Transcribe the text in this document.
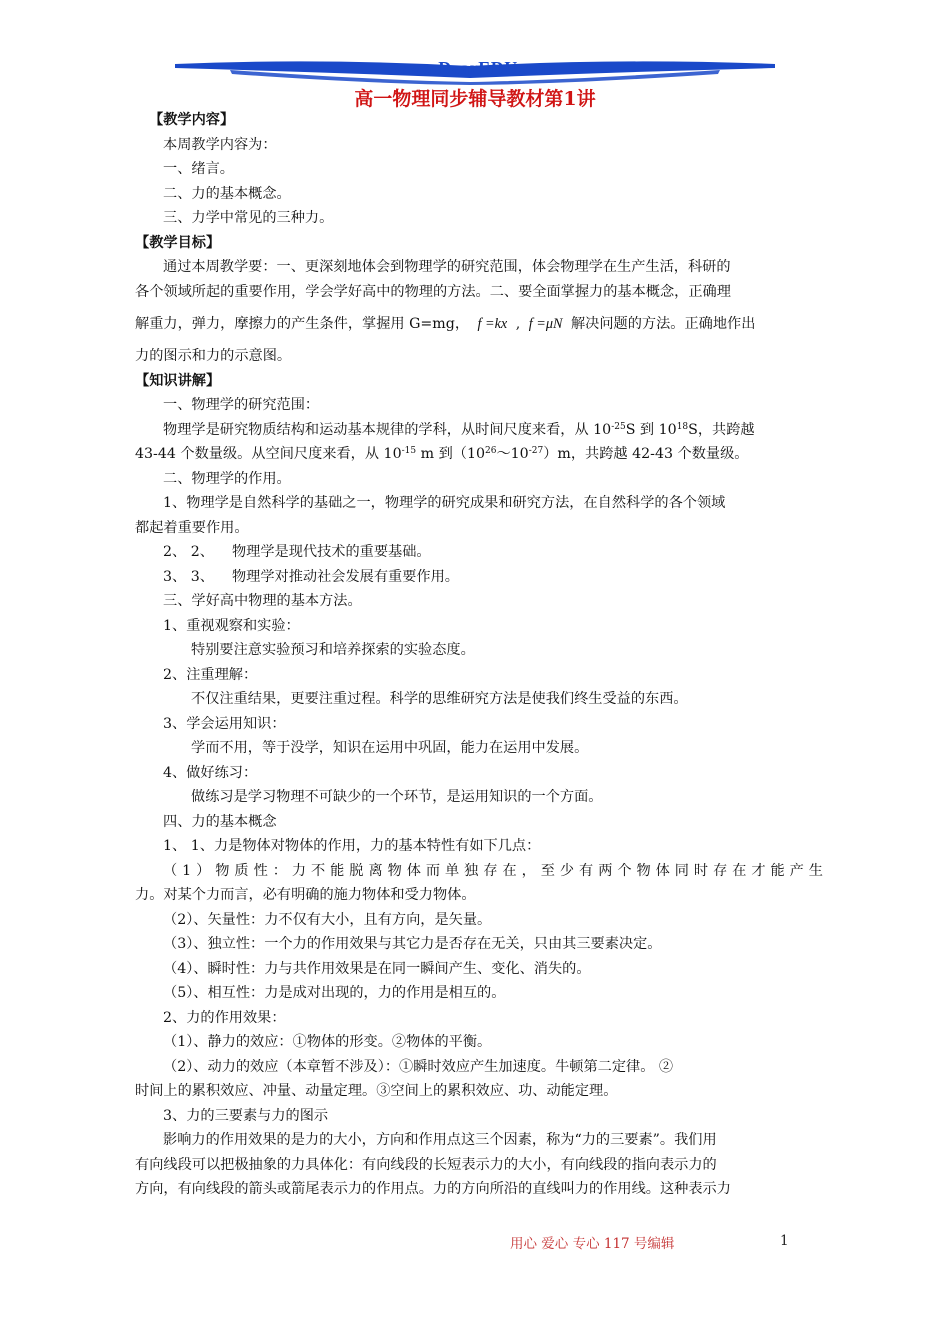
www.DearEDU.com
高一物理同步辅导教材第1讲
【教学内容】
本周教学内容为：
一、绪言。
二、力的基本概念。
三、力学中常见的三种力。
【教学目标】
通过本周教学要：一、更深刻地体会到物理学的研究范围，体会物理学在生产生活，科研的
各个领域所起的重要作用，学会学好高中的物理的方法。二、要全面掌握力的基本概念，正确理
解重力，弹力，摩擦力的产生条件，掌握用 G=mg， f =kx , f =μN 解决问题的方法。正确地作出
力的图示和力的示意图。
【知识讲解】
一、物理学的研究范围：
物理学是研究物质结构和运动基本规律的学科，从时间尺度来看，从 $10^{-25}S$ 到 $10^{18}S$，共跨越
43-44 个数量级。从空间尺度来看，从 $10^{-15}$ m 到$(10^{26}\sim 10^{-27})m$，共跨越 42-43 个数量级。
二、物理学的作用。
1、物理学是自然科学的基础之一，物理学的研究成果和研究方法，在自然科学的各个领域
都起着重要作用。
2、 2、    物理学是现代技术的重要基础。
3、 3、    物理学对推动社会发展有重要作用。
三、学好高中物理的基本方法。
1、重视观察和实验：
特别要注意实验预习和培养探索的实验态度。
2、注重理解：
不仅注重结果，更要注重过程。科学的思维研究方法是使我们终生受益的东西。
3、学会运用知识：
学而不用，等于没学，知识在运用中巩固，能力在运用中发展。
4、做好练习：
做练习是学习物理不可缺少的一个环节，是运用知识的一个方面。
四、力的基本概念
1、 1、力是物体对物体的作用，力的基本特性有如下几点：
（1）物质性：力不能脱离物体而单独存在，至少有两个物体同时存在才能产生
力。对某个力而言，必有明确的施力物体和受力物体。
（2）、矢量性：力不仅有大小，且有方向，是矢量。
（3）、独立性：一个力的作用效果与其它力是否存在无关，只由其三要素决定。
（4）、瞬时性：力与共作用效果是在同一瞬间产生、变化、消失的。
（5）、相互性：力是成对出现的，力的作用是相互的。
2、力的作用效果：
（1）、静力的效应：①物体的形变。②物体的平衡。
（2）、动力的效应（本章暂不涉及）：①瞬时效应产生加速度。牛顿第二定律。 ②
时间上的累积效应、冲量、动量定理。③空间上的累积效应、功、动能定理。
3、力的三要素与力的图示
影响力的作用效果的是力的大小，方向和作用点这三个因素，称为“力的三要素”。我们用
有向线段可以把极抽象的力具体化：有向线段的长短表示力的大小，有向线段的指向表示力的
方向，有向线段的箭头或箭尾表示力的作用点。力的方向所沿的直线叫力的作用线。这种表示力
用心 爱心 专心 117 号编辑	1
